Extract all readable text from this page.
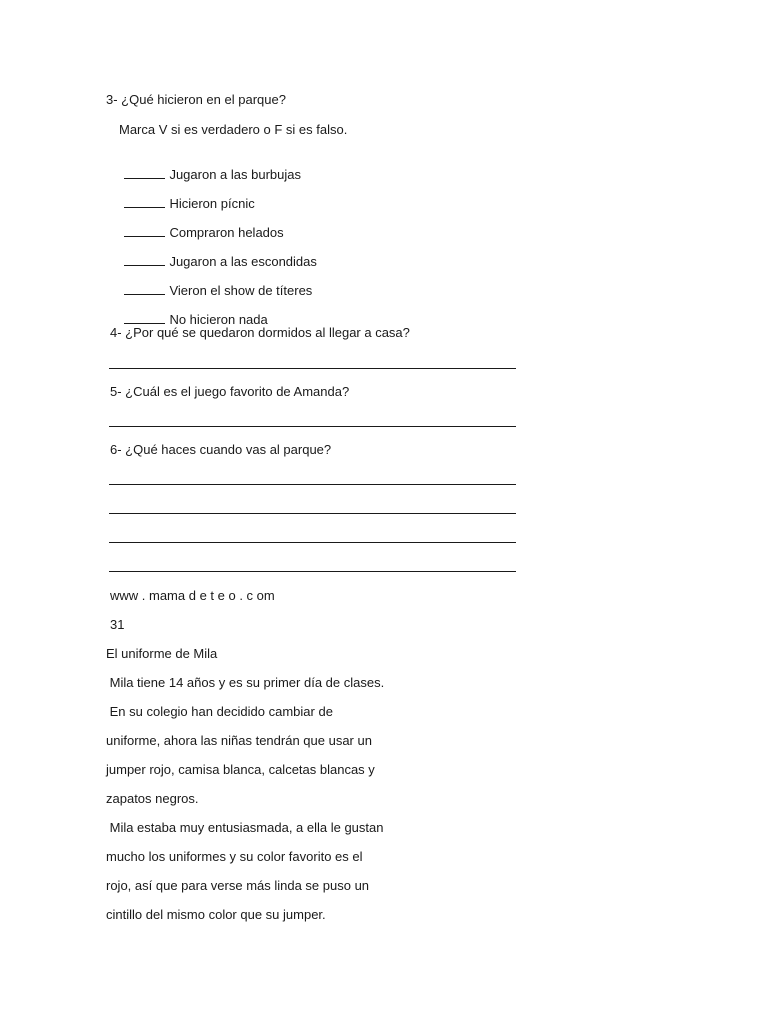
3- ¿Qué hicieron en el parque?
Marca V si es verdadero o F si es falso.

Jugaron a las burbujas

Hicieron pícnic

Compraron helados

Jugaron a las escondidas

Vieron el show de títeres

No hicieron nada

4- ¿Por qué se quedaron dormidos al llegar a casa?
5- ¿Cuál es el juego favorito de Amanda?
6- ¿Qué haces cuando vas al parque?
www . mama d e t e o . c om
31
El uniforme de Mila
Mila tiene 14 años y es su primer día de clases.
En su colegio han decidido cambiar de
uniforme, ahora las niñas tendrán que usar un
jumper rojo, camisa blanca, calcetas blancas y
zapatos negros.
Mila estaba muy entusiasmada, a ella le gustan
mucho los uniformes y su color favorito es el
rojo, así que para verse más linda se puso un
cintillo del mismo color que su jumper.
